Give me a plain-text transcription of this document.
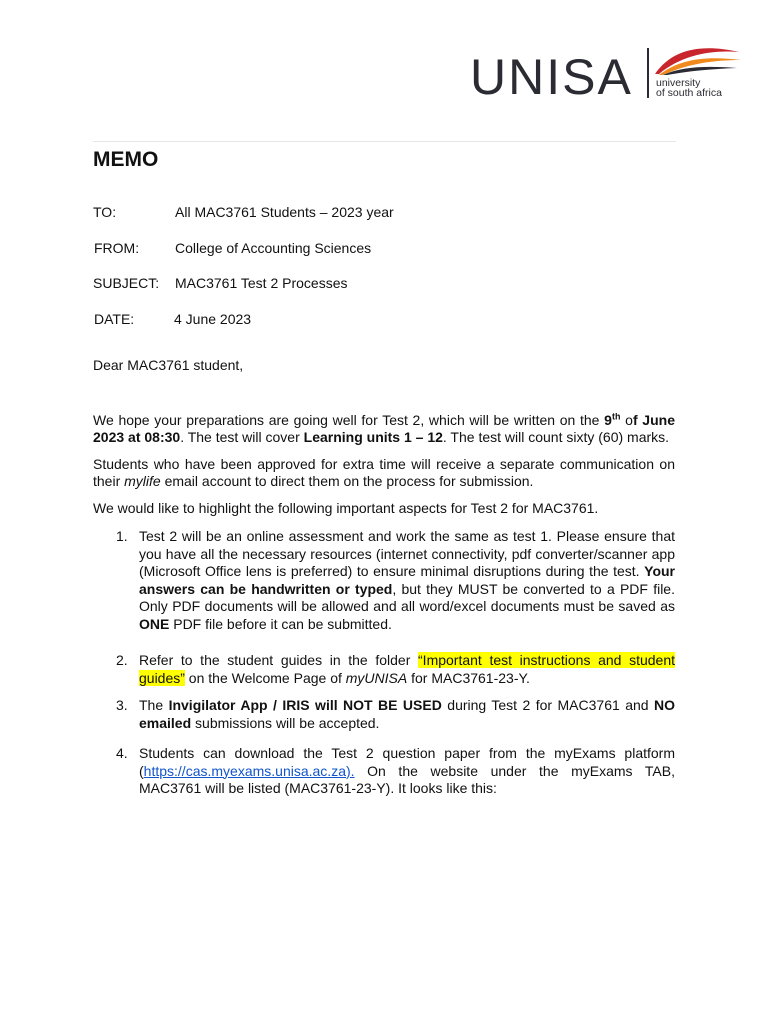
UNISA university
of south africa
MEMO
TO:	All MAC3761 Students – 2023 year
FROM:	College of Accounting Sciences
SUBJECT:	MAC3761 Test 2 Processes
DATE:	4 June 2023
Dear MAC3761 student,
We hope your preparations are going well for Test 2, which will be written on the 9th of June 2023 at 08:30. The test will cover Learning units 1 – 12. The test will count sixty (60) marks.
Students who have been approved for extra time will receive a separate communication on their mylife email account to direct them on the process for submission.
We would like to highlight the following important aspects for Test 2 for MAC3761.
1. Test 2 will be an online assessment and work the same as test 1. Please ensure that you have all the necessary resources (internet connectivity, pdf converter/scanner app (Microsoft Office lens is preferred) to ensure minimal disruptions during the test. Your answers can be handwritten or typed, but they MUST be converted to a PDF file. Only PDF documents will be allowed and all word/excel documents must be saved as ONE PDF file before it can be submitted.
2. Refer to the student guides in the folder “Important test instructions and student guides” on the Welcome Page of myUNISA for MAC3761-23-Y.
3. The Invigilator App / IRIS will NOT BE USED during Test 2 for MAC3761 and NO emailed submissions will be accepted.
4. Students can download the Test 2 question paper from the myExams platform (https://cas.myexams.unisa.ac.za). On the website under the myExams TAB, MAC3761 will be listed (MAC3761-23-Y). It looks like this:
